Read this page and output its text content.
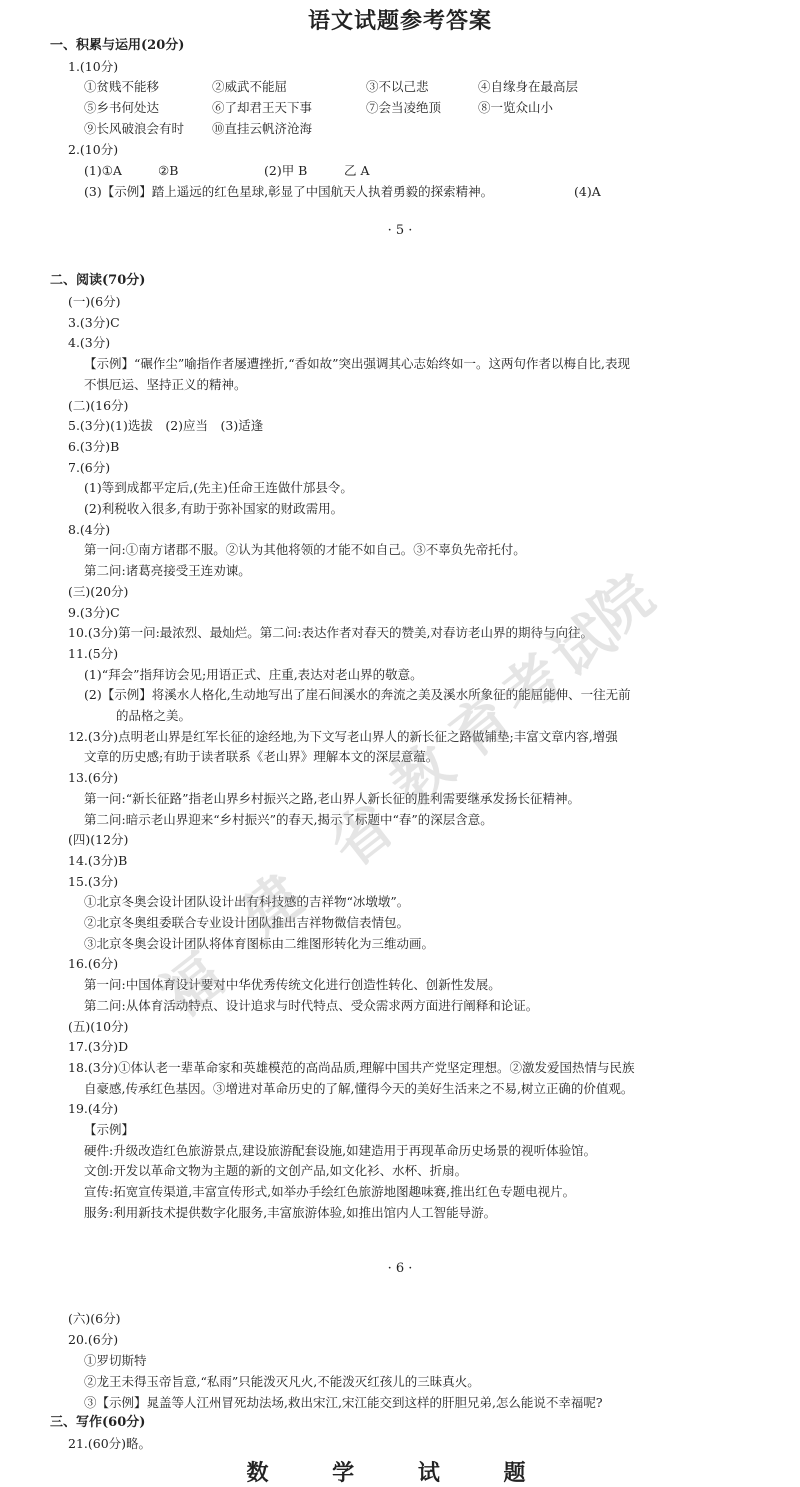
语文试题参考答案
一、积累与运用(20分)
1.(10分)
①贫贱不能移	②威武不能屈	③不以己悲	④自缘身在最高层
⑤乡书何处达	⑥了却君王天下事	⑦会当凌绝顶	⑧一览众山小
⑨长风破浪会有时 ⑩直挂云帆济沧海
2.(10分)
(1)①A	②B	(2)甲 B	乙 A
(3)【示例】踏上遥远的红色星球,彰显了中国航天人执着勇毅的探索精神。	(4)A
· 5 ·
二、阅读(70分)
(一)(6分)
3.(3分)C
4.(3分)
【示例】“碾作尘”喻指作者屡遭挫折,“香如故”突出强调其心志始终如一。这两句作者以梅自比,表现
不惧厄运、坚持正义的精神。
(二)(16分)
5.(3分)(1)选拔　(2)应当　(3)适逢
6.(3分)B
7.(6分)
(1)等到成都平定后,(先主)任命王连做什邡县令。
(2)利税收入很多,有助于弥补国家的财政需用。
8.(4分)
第一问:①南方诸郡不服。②认为其他将领的才能不如自己。③不辜负先帝托付。
第二问:诸葛亮接受王连劝谏。
(三)(20分)
9.(3分)C
10.(3分)第一问:最浓烈、最灿烂。第二问:表达作者对春天的赞美,对春访老山界的期待与向往。
11.(5分)
(1)“拜会”指拜访会见;用语正式、庄重,表达对老山界的敬意。
(2)【示例】将溪水人格化,生动地写出了崖石间溪水的奔流之美及溪水所象征的能屈能伸、一往无前
的品格之美。
12.(3分)点明老山界是红军长征的途经地,为下文写老山界人的新长征之路做铺垫;丰富文章内容,增强
文章的历史感;有助于读者联系《老山界》理解本文的深层意蕴。
13.(6分)
第一问:“新长征路”指老山界乡村振兴之路,老山界人新长征的胜利需要继承发扬长征精神。
第二问:暗示老山界迎来“乡村振兴”的春天,揭示了标题中“春”的深层含意。
(四)(12分)
14.(3分)B
15.(3分)
①北京冬奥会设计团队设计出有科技感的吉祥物“冰墩墩”。
②北京冬奥组委联合专业设计团队推出吉祥物微信表情包。
③北京冬奥会设计团队将体育图标由二维图形转化为三维动画。
16.(6分)
第一问:中国体育设计要对中华优秀传统文化进行创造性转化、创新性发展。
第二问:从体育活动特点、设计追求与时代特点、受众需求两方面进行阐释和论证。
(五)(10分)
17.(3分)D
18.(3分)①体认老一辈革命家和英雄模范的高尚品质,理解中国共产党坚定理想。②激发爱国热情与民族
自豪感,传承红色基因。③增进对革命历史的了解,懂得今天的美好生活来之不易,树立正确的价值观。
19.(4分)
【示例】
硬件:升级改造红色旅游景点,建设旅游配套设施,如建造用于再现革命历史场景的视听体验馆。
文创:开发以革命文物为主题的新的文创产品,如文化衫、水杯、折扇。
宣传:拓宽宣传渠道,丰富宣传形式,如举办手绘红色旅游地图趣味赛,推出红色专题电视片。
服务:利用新技术提供数字化服务,丰富旅游体验,如推出馆内人工智能导游。
· 6 ·
(六)(6分)
20.(6分)
①罗切斯特
②龙王未得玉帝旨意,“私雨”只能泼灭凡火,不能泼灭红孩儿的三昧真火。
③【示例】晁盖等人江州冒死劫法场,救出宋江,宋江能交到这样的肝胆兄弟,怎么能说不幸福呢?
三、写作(60分)
21.(60分)略。
数 学 试 题
福
建
省
教
育
考
试
院
